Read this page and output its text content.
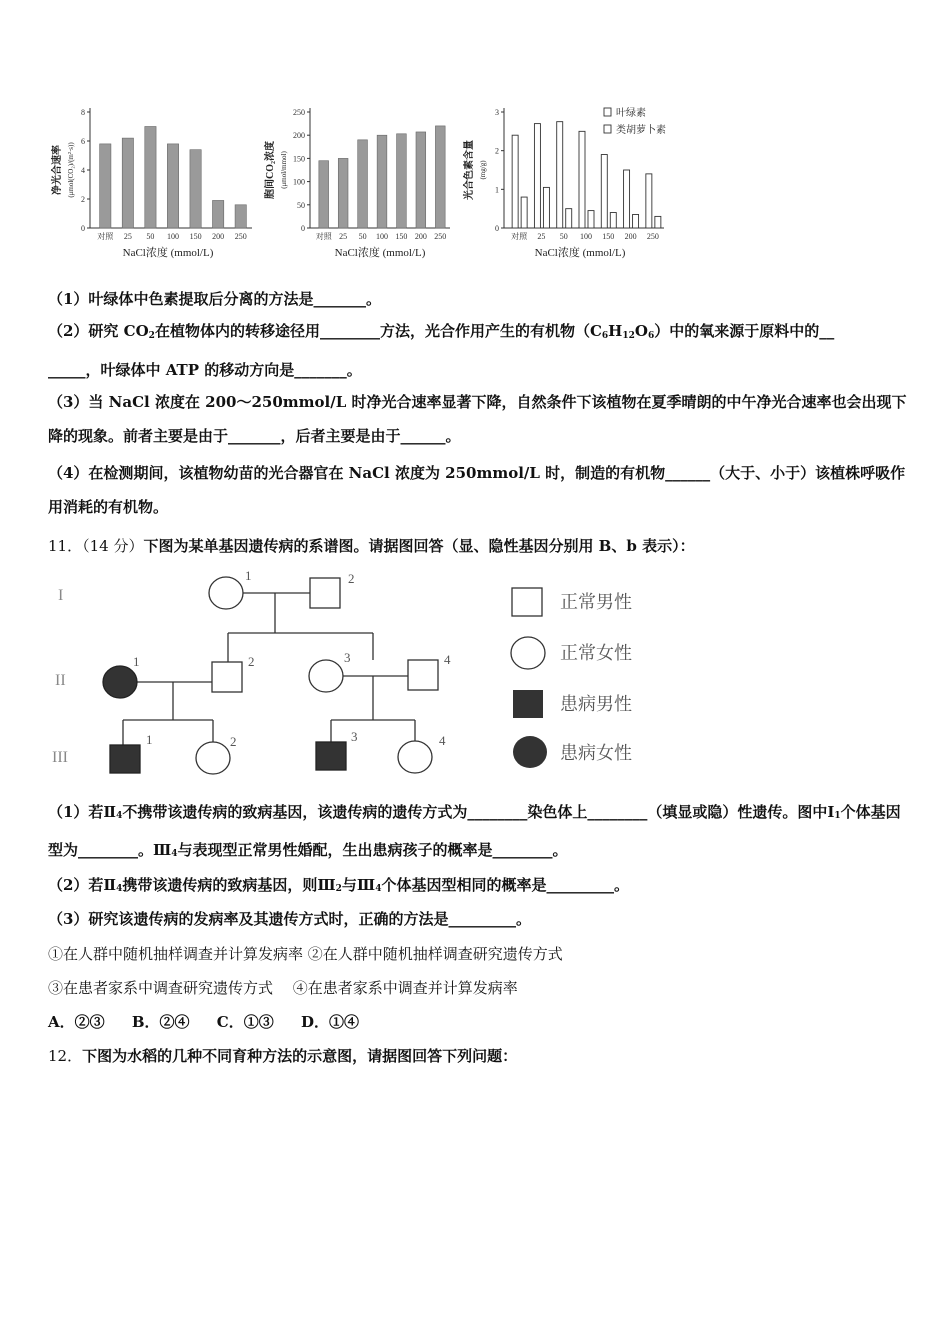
0
2
4
6
8
对照 25 50 100 150 200 250
NaCl浓度 (mmol/L)
净光合速率 (μmol(CO₂)/(m²·s))
0
50
100
150
200
250
对照 25 50 100 150 200 250
NaCl浓度 (mmol/L)
胞间CO₂浓度 (μmol/mmol)
0
1
2
3
对照 25 50 100 150 200 250
NaCl浓度 (mmol/L)
光合色素含量 (mg/g)
叶绿素
类胡萝卜素
（1）叶绿体中色素提取后分离的方法是_______。
（2）研究 $CO_2$在植物体内的转移途径用________方法，光合作用产生的有机物$(C_6H_{12}O_6)$中的氧来源于原料中的__
_____，叶绿体中 ATP 的移动方向是_______。
（3）当 NaCl 浓度在 200～250mmol/L 时净光合速率显著下降，自然条件下该植物在夏季晴朗的中午净光合速率也会出现下降的现象。前者主要是由于_______，后者主要是由于______。
（4）在检测期间，该植物幼苗的光合器官在 NaCl 浓度为 250mmol/L 时，制造的有机物______（大于、小于）该植株呼吸作用消耗的有机物。
11．（14 分）下图为某单基因遗传病的系谱图。请据图回答（显、隐性基因分别用 B、b 表示）：
I
II
III
1	2
1	2	3	4
1	2	3	4
正常男性
正常女性
患病男性
患病女性
（1）若Ⅱ4不携带该遗传病的致病基因，该遗传病的遗传方式为________染色体上________（填显或隐）性遗传。图中Ⅰ1个体基因型为________。Ⅲ4与表现型正常男性婚配，生出患病孩子的概率是________。
（2）若Ⅱ4携带该遗传病的致病基因，则Ⅲ2与Ⅲ4个体基因型相同的概率是_________。
（3）研究该遗传病的发病率及其遗传方式时，正确的方法是_________。
①在人群中随机抽样调查并计算发病率 ②在人群中随机抽样调查研究遗传方式
③在患者家系中调查研究遗传方式　 ④在患者家系中调查并计算发病率
A．②③ B．②④ C．①③ D．①④
12．下图为水稻的几种不同育种方法的示意图，请据图回答下列问题：
